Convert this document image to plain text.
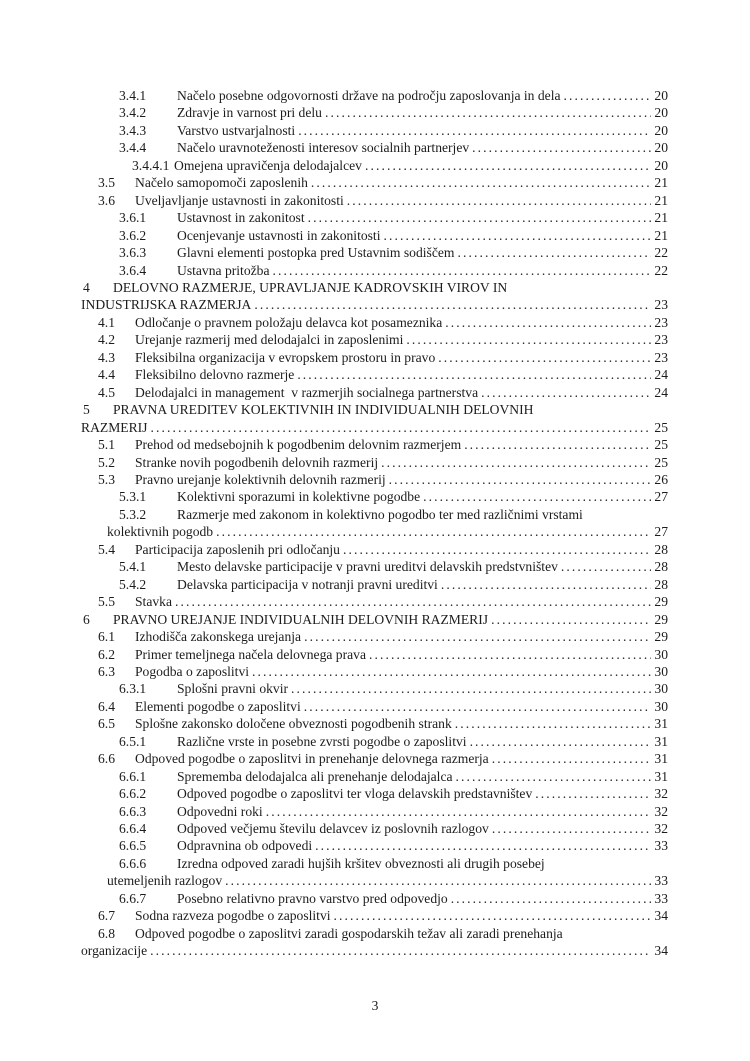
3.4.1 Načelo posebne odgovornosti države na področju zaposlovanja in dela .....	20
3.4.2 Zdravje in varnost pri delu .....	20
3.4.3 Varstvo ustvarjalnosti .....	20
3.4.4 Načelo uravnoteženosti interesov socialnih partnerjev .....	20
3.4.4.1 Omejena upravičenja delodajalcev .....	20
3.5 Načelo samopomoči zaposlenih .....	21
3.6 Uveljavljanje ustavnosti in zakonitosti .....	21
3.6.1 Ustavnost in zakonitost .....	21
3.6.2 Ocenjevanje ustavnosti in zakonitosti .....	21
3.6.3 Glavni elementi postopka pred Ustavnim sodiščem .....	22
3.6.4 Ustavna pritožba .....	22
4 DELOVNO RAZMERJE, UPRAVLJANJE KADROVSKIH VIROV IN
INDUSTRIJSKA RAZMERJA .....	23
4.1 Odločanje o pravnem položaju delavca kot posameznika .....	23
4.2 Urejanje razmerij med delodajalci in zaposlenimi .....	23
4.3 Fleksibilna organizacija v evropskem prostoru in pravo .....	23
4.4 Fleksibilno delovno razmerje .....	24
4.5 Delodajalci in management  v razmerjih socialnega partnerstva .....	24
5 PRAVNA UREDITEV KOLEKTIVNIH IN INDIVIDUALNIH DELOVNIH
RAZMERIJ .....	25
5.1 Prehod od medsebojnih k pogodbenim delovnim razmerjem .....	25
5.2 Stranke novih pogodbenih delovnih razmerij .....	25
5.3 Pravno urejanje kolektivnih delovnih razmerij .....	26
5.3.1 Kolektivni sporazumi in kolektivne pogodbe .....	27
5.3.2 Razmerje med zakonom in kolektivno pogodbo ter med različnimi vrstami
kolektivnih pogodb .....	27
5.4 Participacija zaposlenih pri odločanju .....	28
5.4.1 Mesto delavske participacije v pravni ureditvi delavskih predstvništev .....	28
5.4.2 Delavska participacija v notranji pravni ureditvi .....	28
5.5 Stavka .....	29
6 PRAVNO UREJANJE INDIVIDUALNIH DELOVNIH RAZMERIJ .....	29
6.1 Izhodišča zakonskega urejanja .....	29
6.2 Primer temeljnega načela delovnega prava .....	30
6.3 Pogodba o zaposlitvi .....	30
6.3.1 Splošni pravni okvir .....	30
6.4 Elementi pogodbe o zaposlitvi .....	30
6.5 Splošne zakonsko določene obveznosti pogodbenih strank .....	31
6.5.1 Različne vrste in posebne zvrsti pogodbe o zaposlitvi .....	31
6.6 Odpoved pogodbe o zaposlitvi in prenehanje delovnega razmerja .....	31
6.6.1 Sprememba delodajalca ali prenehanje delodajalca .....	31
6.6.2 Odpoved pogodbe o zaposlitvi ter vloga delavskih predstavništev .....	32
6.6.3 Odpovedni roki .....	32
6.6.4 Odpoved večjemu številu delavcev iz poslovnih razlogov .....	32
6.6.5 Odpravnina ob odpovedi .....	33
6.6.6 Izredna odpoved zaradi hujših kršitev obveznosti ali drugih posebej
utemeljenih razlogov .....	33
6.6.7 Posebno relativno pravno varstvo pred odpovedjo .....	33
6.7 Sodna razveza pogodbe o zaposlitvi .....	34
6.8 Odpoved pogodbe o zaposlitvi zaradi gospodarskih težav ali zaradi prenehanja
organizacije .....	34
3
